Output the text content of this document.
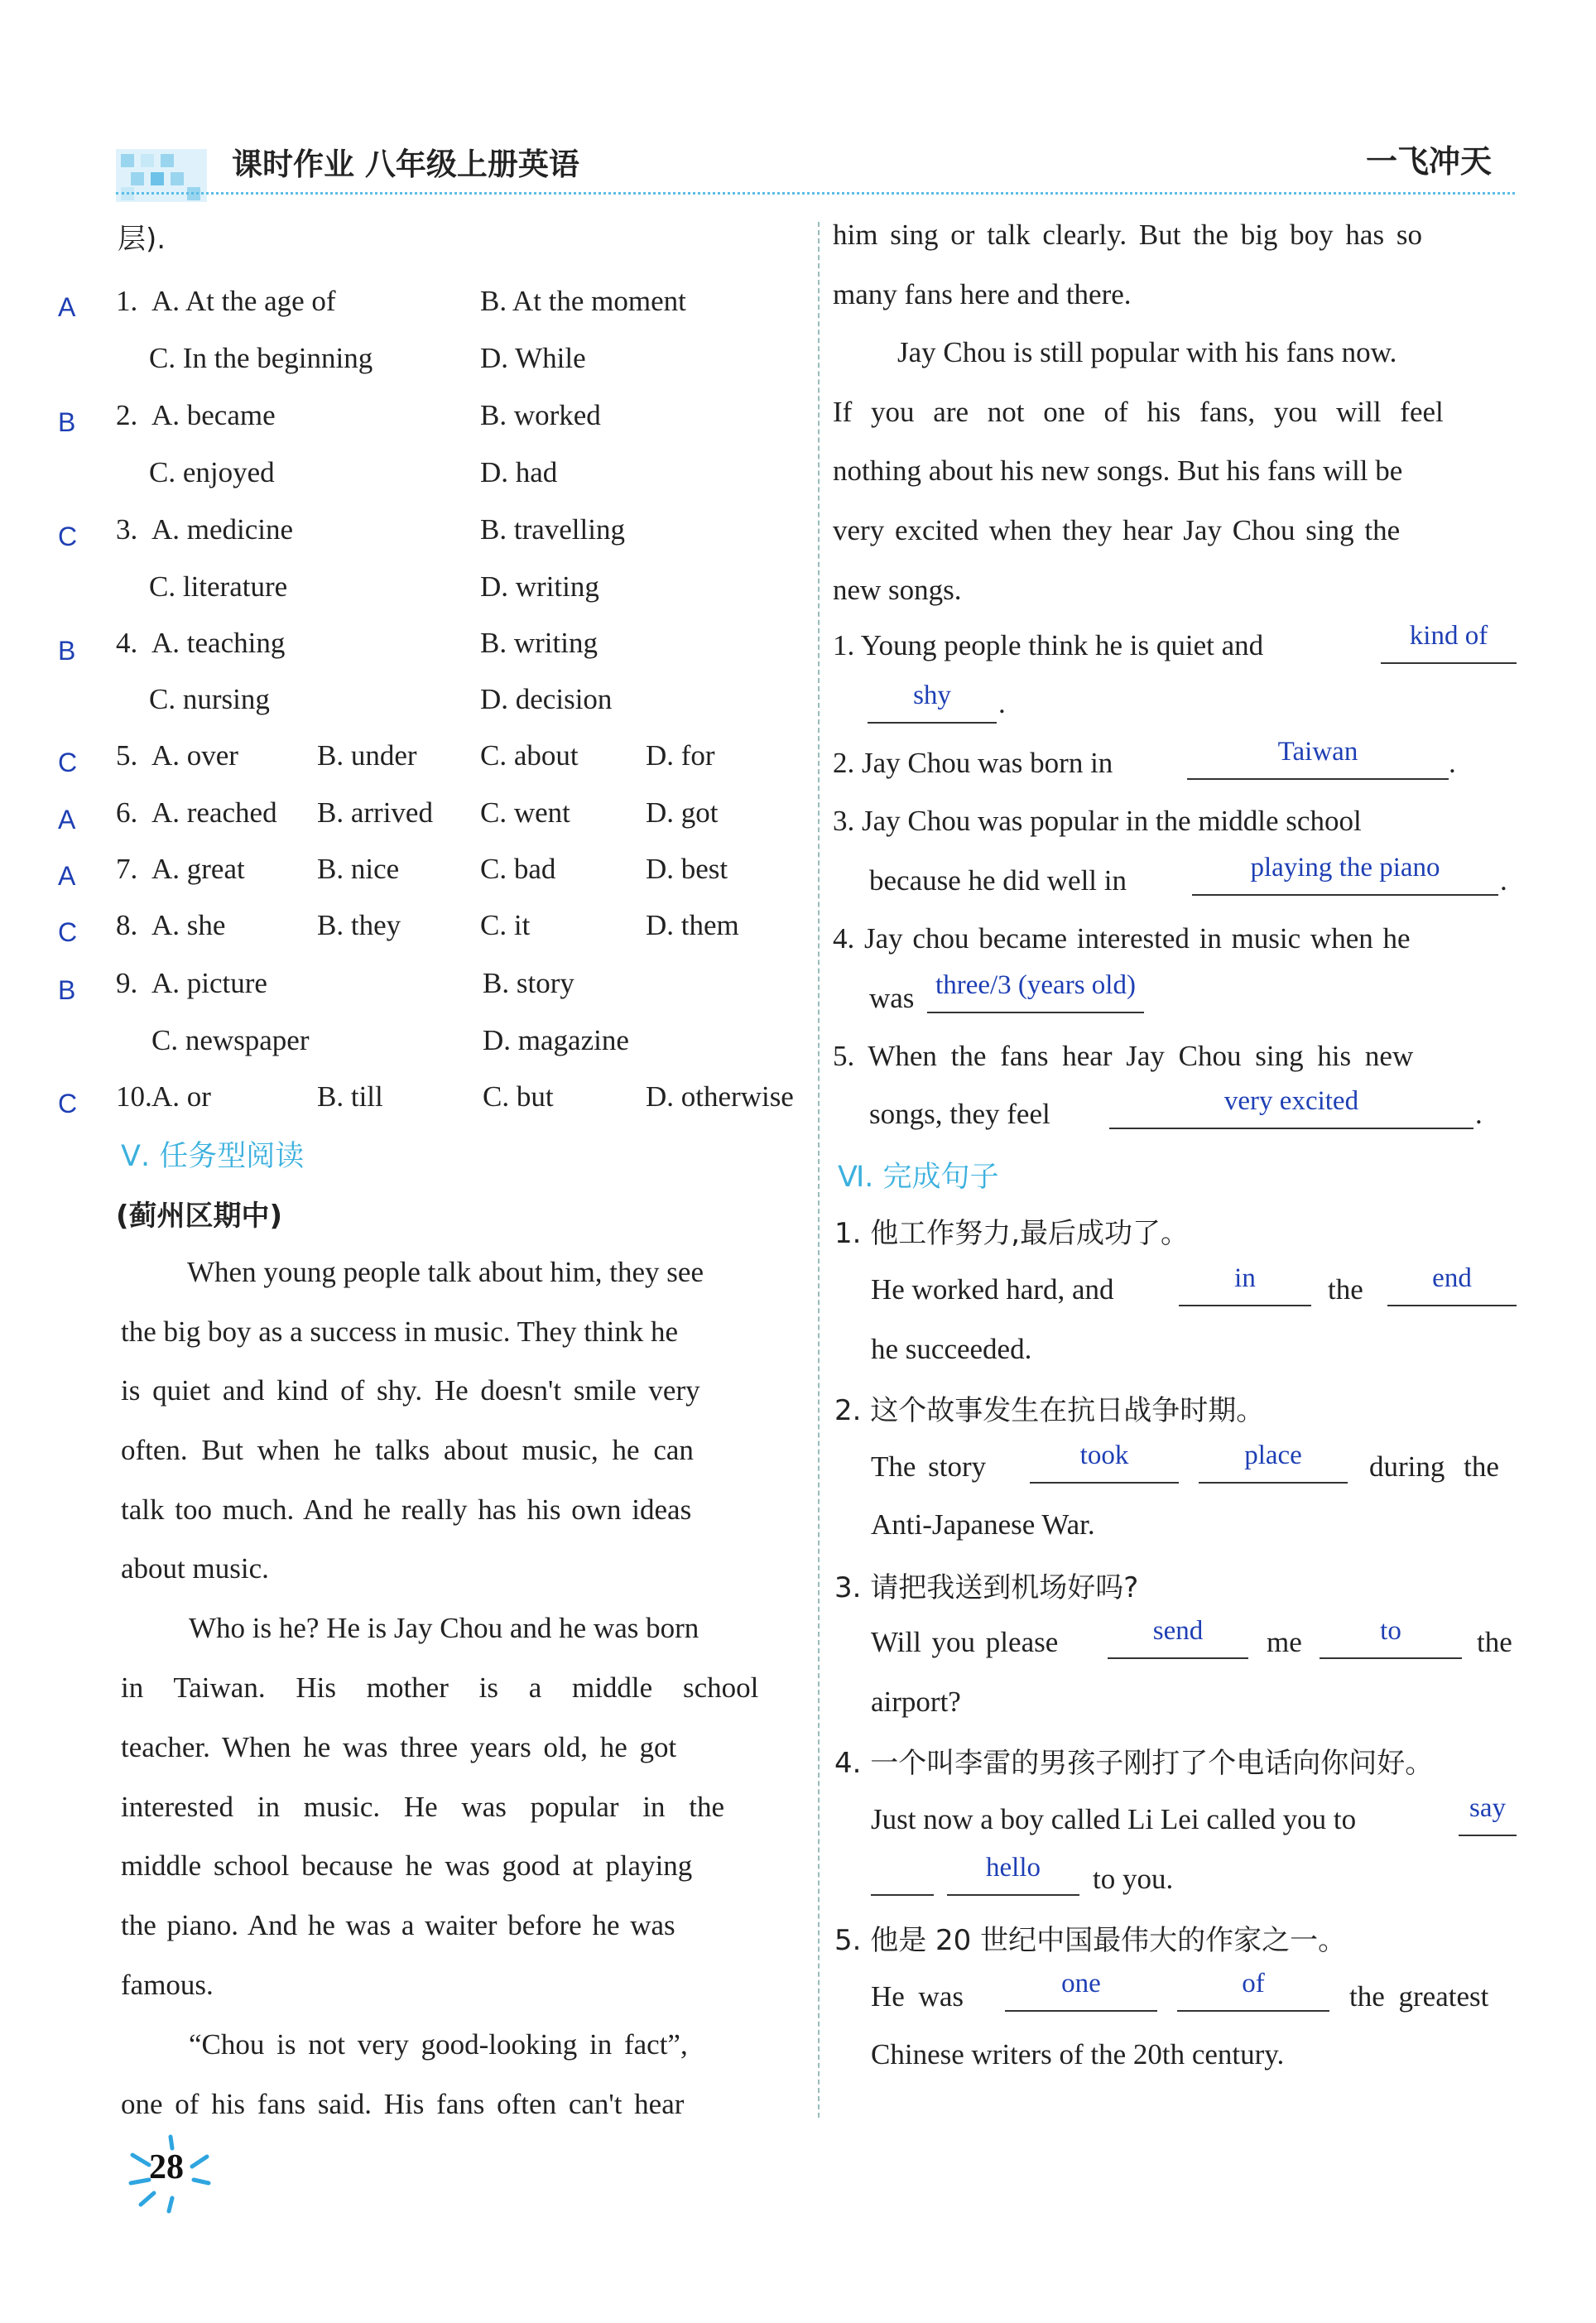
课时作业 八年级上册英语	一飞冲天
层).
A 1. A. At the age of	B. At the moment
C. In the beginning	D. While
B 2. A. became	B. worked
C. enjoyed	D. had
C 3. A. medicine	B. travelling
C. literature	D. writing
B 4. A. teaching	B. writing
C. nursing	D. decision
C 5. A. over	B. under C. about D. for
A 6. A. reached B. arrived C. went	D. got
A 7. A. great B. nice	C. bad	D. best
C 8. A. she	B. they	C. it	D. them
B 9. A. picture	B. story
C. newspaper	D. magazine
C 10. A. or	B. till	C. but	D. otherwise
Ⅴ. 任务型阅读
(蓟州区期中)
When young people talk about him, they see
the big boy as a success in music. They think he
is quiet and kind of shy. He doesn't smile very
often. But when he talks about music, he can
talk too much. And he really has his own ideas
about music.
Who is he? He is Jay Chou and he was born
in Taiwan. His mother is a middle school
teacher. When he was three years old, he got
interested in music. He was popular in the
middle school because he was good at playing
the piano. And he was a waiter before he was
famous.
“Chou is not very good-looking in fact”,
one of his fans said. His fans often can't hear
him sing or talk clearly. But the big boy has so
many fans here and there.
Jay Chou is still popular with his fans now.
If you are not one of his fans, you will feel
nothing about his new songs. But his fans will be
very excited when they hear Jay Chou sing the
new songs.
1. Young people think he is quiet and	kind of
shy	.
2. Jay Chou was born in	Taiwan	.
3. Jay Chou was popular in the middle school
because he did well in	playing the piano	.
4. Jay chou became interested in music when he
was three/3 (years old)
5. When the fans hear Jay Chou sing his new
songs, they feel	very excited	.
Ⅵ. 完成句子
1. 他工作努力,最后成功了。
He worked hard, and	in	the	end
he succeeded.
2. 这个故事发生在抗日战争时期。
The story	took	place	during the
Anti-Japanese War.
3. 请把我送到机场好吗?
Will you please	send	me	to	the
airport?
4. 一个叫李雷的男孩子刚打了个电话向你问好。
Just now a boy called Li Lei called you to	say
hello	to you.
5. 他是 20 世纪中国最伟大的作家之一。
He was	one	of	the greatest
Chinese writers of the 20th century.
28
